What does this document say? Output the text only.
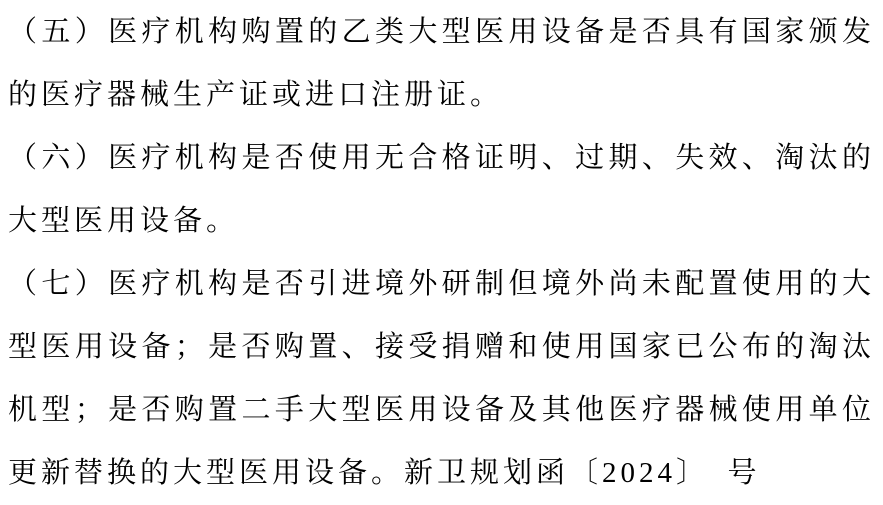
（五）医疗机构购置的乙类大型医用设备是否具有国家颁发的医疗器械生产证或进口注册证。

（六）医疗机构是否使用无合格证明、过期、失效、淘汰的大型医用设备。

（七）医疗机构是否引进境外研制但境外尚未配置使用的大型医用设备；是否购置、接受捐赠和使用国家已公布的淘汰机型；是否购置二手大型医用设备及其他医疗器械使用单位更新替换的大型医用设备。新卫规划函〔2024〕　号
